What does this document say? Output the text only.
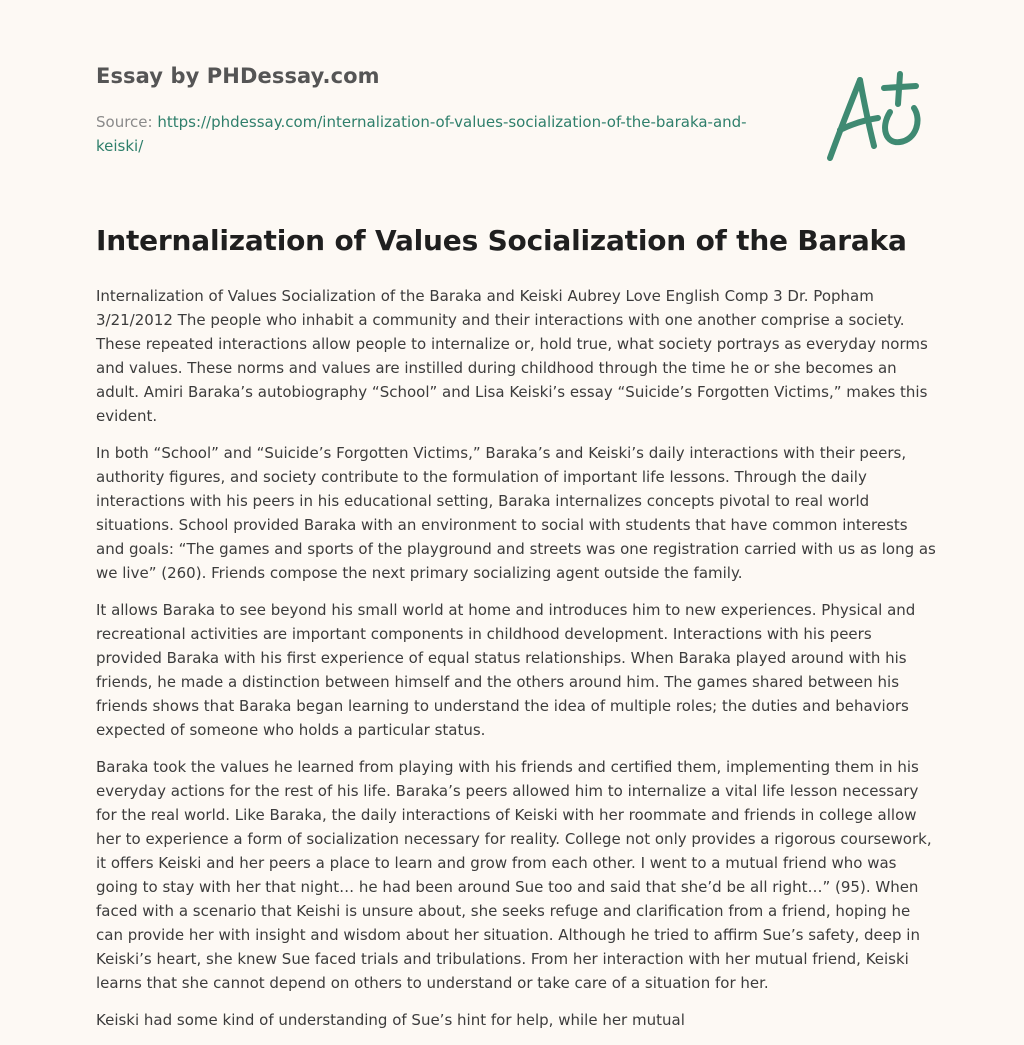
Essay by PHDessay.com
Source: https://phdessay.com/internalization-of-values-socialization-of-the-baraka-and-keiski/
Internalization of Values Socialization of the Baraka

Internalization of Values Socialization of the Baraka and Keiski Aubrey Love English Comp 3 Dr. Popham 3/21/2012 The people who inhabit a community and their interactions with one another comprise a society. These repeated interactions allow people to internalize or, hold true, what society portrays as everyday norms and values. These norms and values are instilled during childhood through the time he or she becomes an adult. Amiri Baraka’s autobiography “School” and Lisa Keiski’s essay “Suicide’s Forgotten Victims,” makes this evident.

In both “School” and “Suicide’s Forgotten Victims,” Baraka’s and Keiski’s daily interactions with their peers, authority figures, and society contribute to the formulation of important life lessons. Through the daily interactions with his peers in his educational setting, Baraka internalizes concepts pivotal to real world situations. School provided Baraka with an environment to social with students that have common interests and goals: “The games and sports of the playground and streets was one registration carried with us as long as we live” (260). Friends compose the next primary socializing agent outside the family.

It allows Baraka to see beyond his small world at home and introduces him to new experiences. Physical and recreational activities are important components in childhood development. Interactions with his peers provided Baraka with his first experience of equal status relationships. When Baraka played around with his friends, he made a distinction between himself and the others around him. The games shared between his friends shows that Baraka began learning to understand the idea of multiple roles; the duties and behaviors expected of someone who holds a particular status.

Baraka took the values he learned from playing with his friends and certified them, implementing them in his everyday actions for the rest of his life. Baraka’s peers allowed him to internalize a vital life lesson necessary for the real world. Like Baraka, the daily interactions of Keiski with her roommate and friends in college allow her to experience a form of socialization necessary for reality. College not only provides a rigorous coursework, it offers Keiski and her peers a place to learn and grow from each other. I went to a mutual friend who was going to stay with her that night… he had been around Sue too and said that she’d be all right…” (95). When faced with a scenario that Keishi is unsure about, she seeks refuge and clarification from a friend, hoping he can provide her with insight and wisdom about her situation. Although he tried to affirm Sue’s safety, deep in Keiski’s heart, she knew Sue faced trials and tribulations. From her interaction with her mutual friend, Keiski learns that she cannot depend on others to understand or take care of a situation for her.

Keiski had some kind of understanding of Sue’s hint for help, while her mutual
